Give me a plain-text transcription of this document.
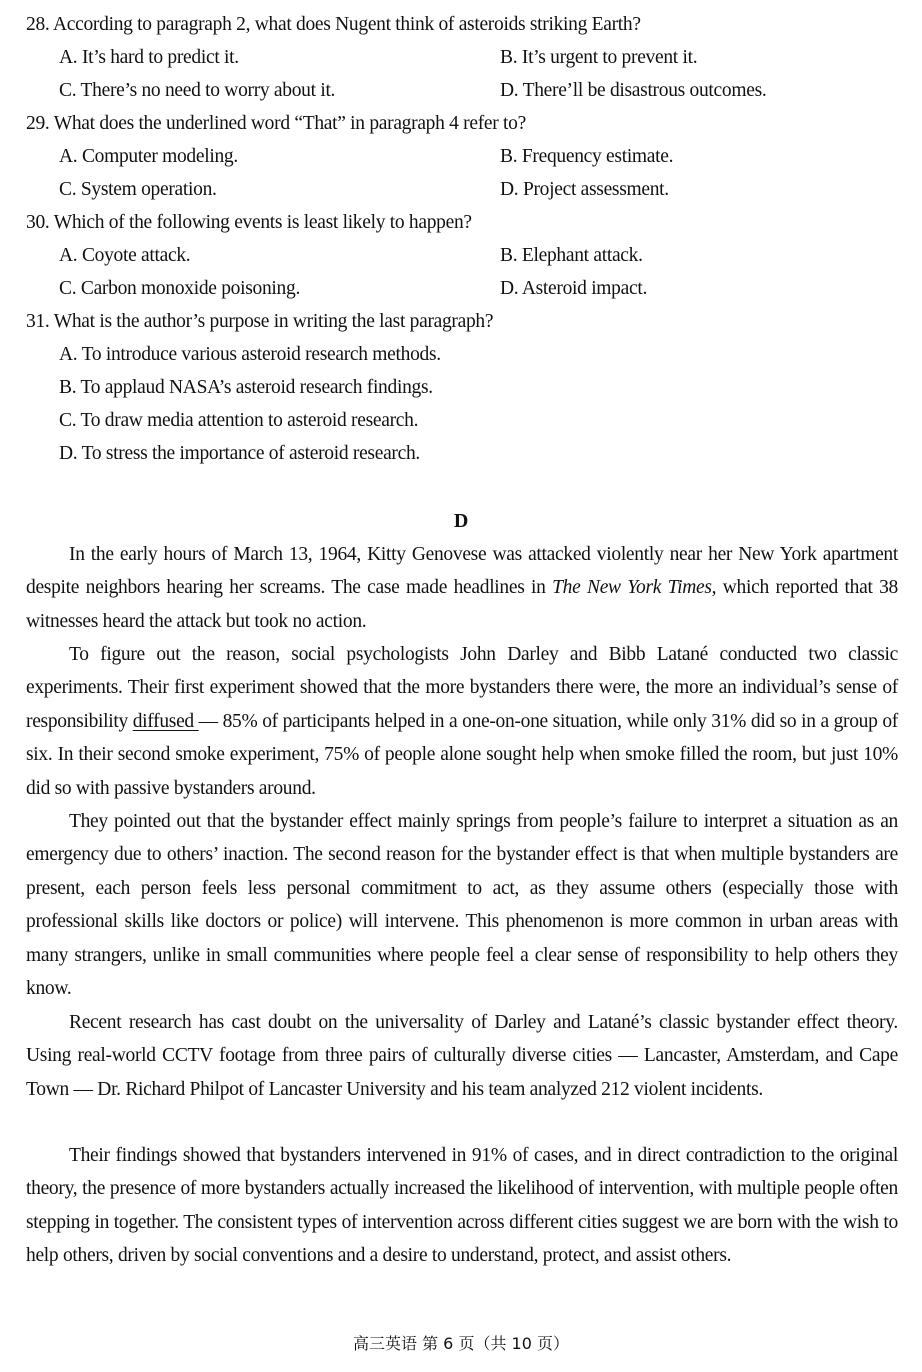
28. According to paragraph 2, what does Nugent think of asteroids striking Earth?
A. It’s hard to predict it.	B. It’s urgent to prevent it.
C. There’s no need to worry about it.	D. There’ll be disastrous outcomes.
29. What does the underlined word “That” in paragraph 4 refer to?
A. Computer modeling.	B. Frequency estimate.
C. System operation.	D. Project assessment.
30. Which of the following events is least likely to happen?
A. Coyote attack.	B. Elephant attack.
C. Carbon monoxide poisoning.	D. Asteroid impact.
31. What is the author’s purpose in writing the last paragraph?
A. To introduce various asteroid research methods.
B. To applaud NASA’s asteroid research findings.
C. To draw media attention to asteroid research.
D. To stress the importance of asteroid research.
D

In the early hours of March 13, 1964, Kitty Genovese was attacked violently near her New York apartment despite neighbors hearing her screams. The case made headlines in The New York Times, which reported that 38 witnesses heard the attack but took no action.

To figure out the reason, social psychologists John Darley and Bibb Latané conducted two classic experiments. Their first experiment showed that the more bystanders there were, the more an individual’s sense of responsibility diffused — 85% of participants helped in a one-on-one situation, while only 31% did so in a group of six. In their second smoke experiment, 75% of people alone sought help when smoke filled the room, but just 10% did so with passive bystanders around.

They pointed out that the bystander effect mainly springs from people’s failure to interpret a situation as an emergency due to others’ inaction. The second reason for the bystander effect is that when multiple bystanders are present, each person feels less personal commitment to act, as they assume others (especially those with professional skills like doctors or police) will intervene. This phenomenon is more common in urban areas with many strangers, unlike in small communities where people feel a clear sense of responsibility to help others they know.

Recent research has cast doubt on the universality of Darley and Latané’s classic bystander effect theory. Using real-world CCTV footage from three pairs of culturally diverse cities — Lancaster, Amsterdam, and Cape Town — Dr. Richard Philpot of Lancaster University and his team analyzed 212 violent incidents.

Their findings showed that bystanders intervened in 91% of cases, and in direct contradiction to the original theory, the presence of more bystanders actually increased the likelihood of intervention, with multiple people often stepping in together. The consistent types of intervention across different cities suggest we are born with the wish to help others, driven by social conventions and a desire to understand, protect, and assist others.

高三英语 第 6 页（共 10 页）
